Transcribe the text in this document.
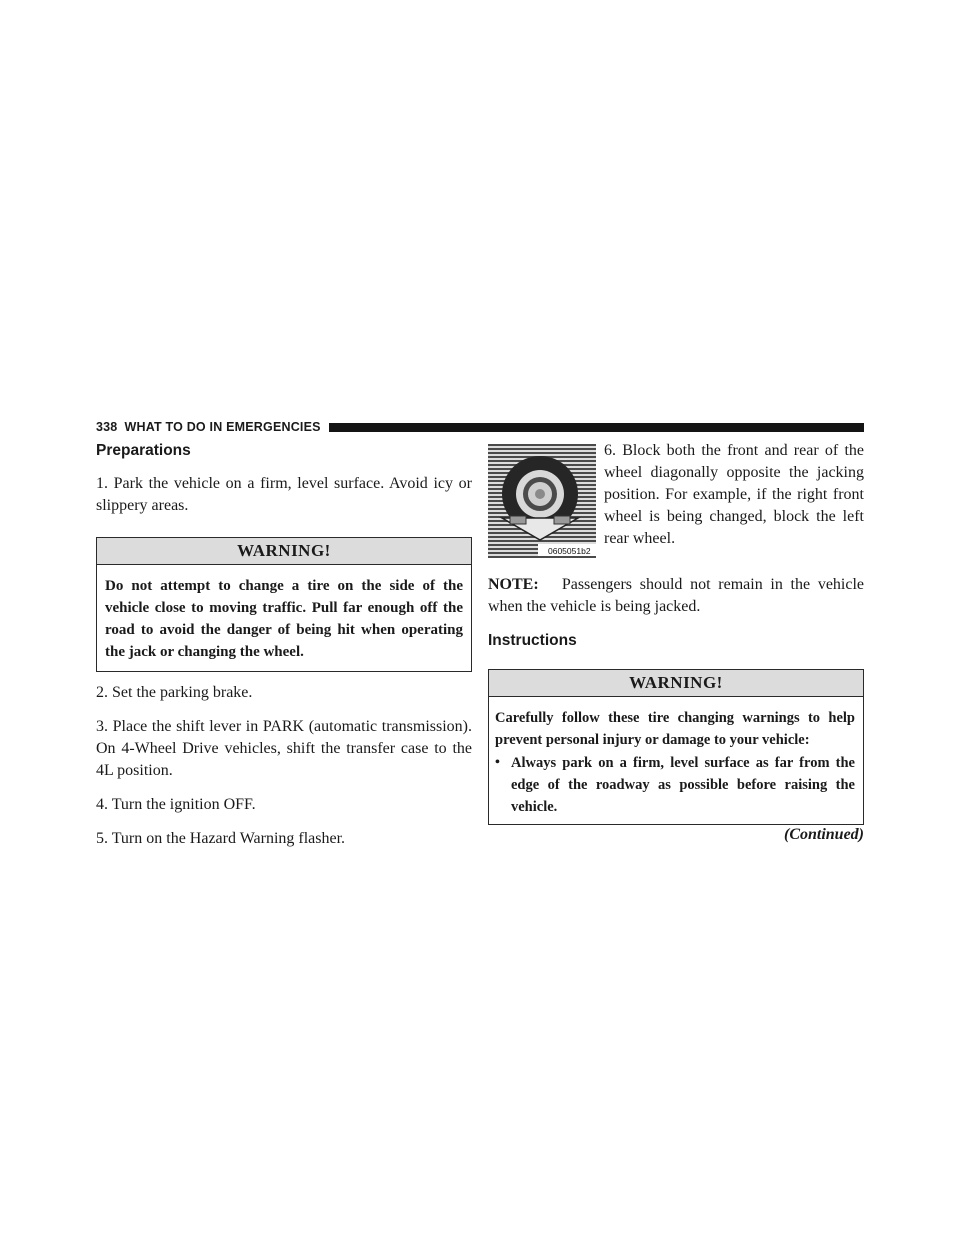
338 WHAT TO DO IN EMERGENCIES
Preparations

1. Park the vehicle on a firm, level surface. Avoid icy or slippery areas.

WARNING!
Do not attempt to change a tire on the side of the vehicle close to moving traffic. Pull far enough off the road to avoid the danger of being hit when operating the jack or changing the wheel.

2. Set the parking brake.

3. Place the shift lever in PARK (automatic transmission). On 4-Wheel Drive vehicles, shift the transfer case to the 4L position.

4. Turn the ignition OFF.

5. Turn on the Hazard Warning flasher.

0605051b2
6. Block both the front and rear of the wheel diagonally opposite the jacking position. For example, if the right front wheel is being changed, block the left rear wheel.

NOTE: Passengers should not remain in the vehicle when the vehicle is being jacked.

Instructions
WARNING!
Carefully follow these tire changing warnings to help prevent personal injury or damage to your vehicle:
• Always park on a firm, level surface as far from the edge of the roadway as possible before raising the vehicle.
(Continued)
